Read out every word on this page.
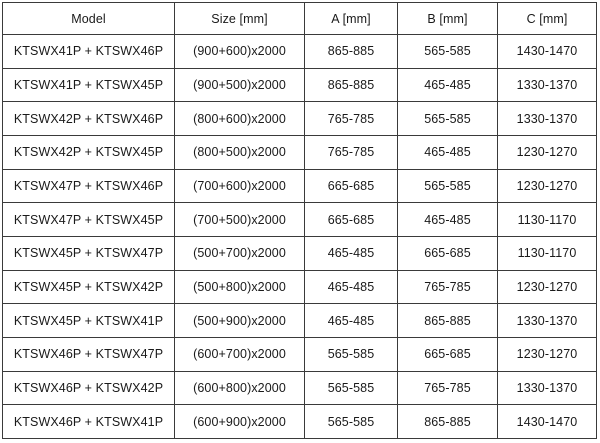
Model	Size [mm]	A [mm]	B [mm]	C [mm]
KTSWX41P + KTSWX46P	(900+600)x2000	865-885	565-585	1430-1470
KTSWX41P + KTSWX45P	(900+500)x2000	865-885	465-485	1330-1370
KTSWX42P + KTSWX46P	(800+600)x2000	765-785	565-585	1330-1370
KTSWX42P + KTSWX45P	(800+500)x2000	765-785	465-485	1230-1270
KTSWX47P + KTSWX46P	(700+600)x2000	665-685	565-585	1230-1270
KTSWX47P + KTSWX45P	(700+500)x2000	665-685	465-485	1130-1170
KTSWX45P + KTSWX47P	(500+700)x2000	465-485	665-685	1130-1170
KTSWX45P + KTSWX42P	(500+800)x2000	465-485	765-785	1230-1270
KTSWX45P + KTSWX41P	(500+900)x2000	465-485	865-885	1330-1370
KTSWX46P + KTSWX47P	(600+700)x2000	565-585	665-685	1230-1270
KTSWX46P + KTSWX42P	(600+800)x2000	565-585	765-785	1330-1370
KTSWX46P + KTSWX41P	(600+900)x2000	565-585	865-885	1430-1470
